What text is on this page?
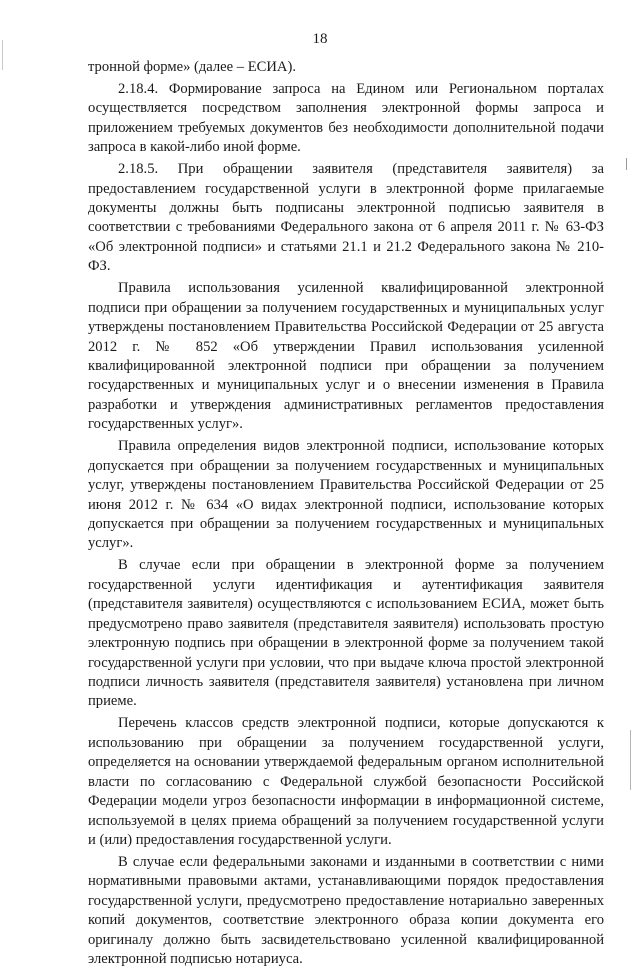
18

тронной форме» (далее – ЕСИА).

2.18.4. Формирование запроса на Едином или Региональном порталах осуществляется посредством заполнения электронной формы запроса и приложением требуемых документов без необходимости дополнительной подачи запроса в какой-либо иной форме.

2.18.5. При обращении заявителя (представителя заявителя) за предоставлением государственной услуги в электронной форме прилагаемые документы должны быть подписаны электронной подписью заявителя в соответствии с требованиями Федерального закона от 6 апреля 2011 г. № 63-ФЗ «Об электронной подписи» и статьями 21.1 и 21.2 Федерального закона № 210-ФЗ.

Правила использования усиленной квалифицированной электронной подписи при обращении за получением государственных и муниципальных услуг утверждены постановлением Правительства Российской Федерации от 25 августа 2012 г. № 852 «Об утверждении Правил использования усиленной квалифицированной электронной подписи при обращении за получением государственных и муниципальных услуг и о внесении изменения в Правила разработки и утверждения административных регламентов предоставления государственных услуг».

Правила определения видов электронной подписи, использование которых допускается при обращении за получением государственных и муниципальных услуг, утверждены постановлением Правительства Российской Федерации от 25 июня 2012 г. № 634 «О видах электронной подписи, использование которых допускается при обращении за получением государственных и муниципальных услуг».

В случае если при обращении в электронной форме за получением государственной услуги идентификация и аутентификация заявителя (представителя заявителя) осуществляются с использованием ЕСИА, может быть предусмотрено право заявителя (представителя заявителя) использовать простую электронную подпись при обращении в электронной форме за получением такой государственной услуги при условии, что при выдаче ключа простой электронной подписи личность заявителя (представителя заявителя) установлена при личном приеме.

Перечень классов средств электронной подписи, которые допускаются к использованию при обращении за получением государственной услуги, определяется на основании утверждаемой федеральным органом исполнительной власти по согласованию с Федеральной службой безопасности Российской Федерации модели угроз безопасности информации в информационной системе, используемой в целях приема обращений за получением государственной услуги и (или) предоставления государственной услуги.

В случае если федеральными законами и изданными в соответствии с ними нормативными правовыми актами, устанавливающими порядок предоставления государственной услуги, предусмотрено предоставление нотариально заверенных копий документов, соответствие электронного образа копии документа его оригиналу должно быть засвидетельствовано усиленной квалифицированной электронной подписью нотариуса.
